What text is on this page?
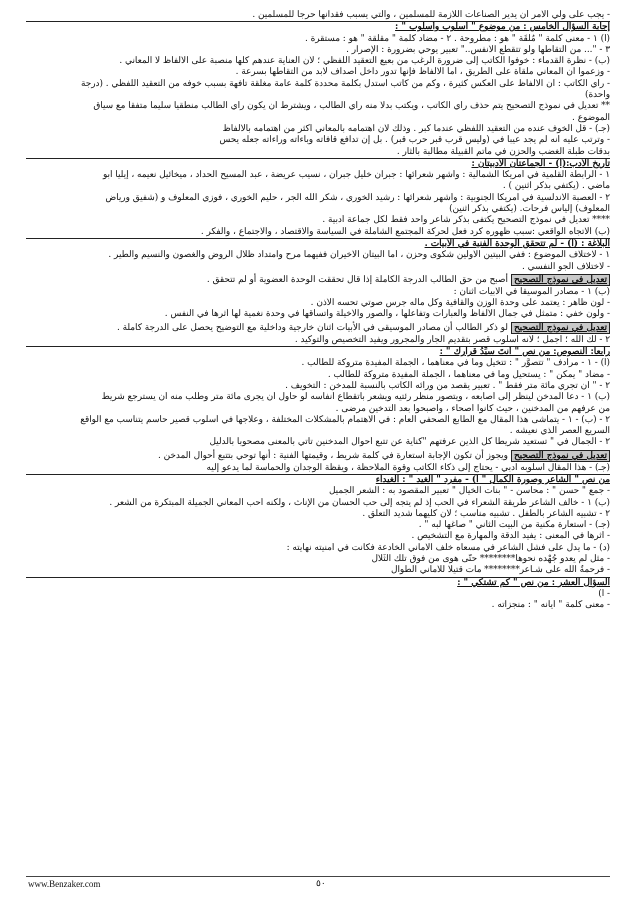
- يجب على ولي الأمر أن يدير الصناعات اللازمة للمسلمين ، والتي يسبب فقدانها حرجاً للمسلمين .
إجابة السؤال الخامس : من موضوع " أسلوب وأسلوب " :
(أ) ١ - معنى كلمة " مُلْقَة " هو : مطروحة . ٢ - مضاد كلمة " مقلقة " هو : مستقرة .
٣ - "... من التقاطها ولو تتقطع الأنفس.." تعبير يوحي بضرورة : الإصرار .
(ب) - نظرة القدماء : خوفوا الكاتب إلى ضرورة الرغب من بعيع التعقيد اللفظي ؛ لأن العناية عندهم كلها منصبة على الألفاظ لا المعاني .
- وزعموا أن المعاني ملقاة على الطريق ، أما الألفاظ فإنها تدور داخل أصداف لابد من التقاطها بسرعة .
- رأي الكاتب : أن الألفاظ على العكس كثيرة ، وكم من كاتب استدل بكلمة محددة كلمة عامة مغلقة تافهة بسبب خوفه من التعقيد اللفظي . (درجة
واحدة)
** تعديل في نموذج التصحيح يتم حذف رأي الكاتب ، ويكتب بدلاً منه رأي الطالب ، ويشترط أن يكون رأي الطالب منطقياً سليماً متفقاً مع سياق
الموضوع .
(جـ) - قل الخوف عنده من التعقيد اللفظي عندما كبر . وذلك لأن اهتمامه بالمعاني أكثر من اهتمامه بالألفاظ
- وترتب عليه أنه لم يجد عيباً في (وليس قرب قبر حرب قبر) . بل إن تدافع قافاته وباءاته وراءاته جعله يحس
بدقات طبلة الغضب والحزن في مأتم القبيلة مطالبة بالثأر .
تاريخ الأدب:(أ) - الجماعتان الأدبيتان :
١ - الرابطة القلمية في أمريكا الشمالية : وأشهر شعرائها : جبران خليل جبران ، نسيب عريضة ، عبد المسيح الحداد ، ميخائيل نعيمه ، إيليا أبو
ماضي . (يكتفي بذكر اثنين ) .
٢ - العصبة الأندلسية في أمريكا الجنوبية : وأشهر شعرائها : رشيد الخوري ، شكر الله الجر ، حليم الخوري ، فوزي المعلوف و (شفيق ورياض
المعلوف) إلياس فرحات. (يكتفي بذكر اثنين)
**** تعديل في نموذج التصحيح يكتفى بذكر شاعر واحد فقط لكل جماعة أدبية .
(ب) الاتجاه الواقعي :سبب ظهوره كرد فعل لحركة المجتمع الشاملة في السياسة والاقتصاد ، والاجتماع ، والفكر .
البلاغة : (أ) - لم تتحقق الوحدة الفنية في الأبيات .
١ - لاختلاف الموضوع : ففي البيتين الأولين شكوى وحزن ، أما البيتان الأخيران ففيهما مرح وامتداد ظلال الروض والغصون والنسيم والطير .
- لاختلاف الجو النفسي .
تعديل في نموذج التصحيحأصبح من حق الطالب الدرجة الكاملة إذا قال تحققت الوحدة العضوية أو لم تتحقق .
(ب) ١ - مصادر الموسيقا في الأبيات اثنان :
- لون ظاهر : يعتمد على وحدة الوزن والقافية وكل ماله جرس صوتي تحسه الأذن .
- ولون خفي : متمثل في جمال الألفاظ والعبارات وتفاعلها ، والصور والأخيلة واتساقها في وحدة نغمية لها أثرها في النفس .
تعديل في نموذج التصحيحلو ذكر الطالب أن مصادر الموسيقى في الأبيات اثنان خارجية وداخلية مع التوضيح يحصل على الدرجة كاملة .
٢ - لك الله ؛ أجمل ؛ لأنه أسلوب قصر بتقديم الجار والمجرور ويفيد التخصيص والتوكيد .
رابعاً: النصوص: من نص " أنتَ سيِّدُ قرارك " :
(أ) - ١ - مرادف " تتصوَّر " : تتخيل وما في معناهما ، الجملة المفيدة متروكة للطالب .
- مضاد " يمكن " : يستحيل وما في معناهما ، الجملة المفيدة متروكة للطالب .
٢ - " أن تجري مائة متر فقط " . تعبير يقصد من ورائه الكاتب بالنسبة للمدخن : التخويف .
(ب) ١ - دعا المدخن لينظر إلى أصابعه ، ويتصور منظر رئتيه ويشعر باتقطاع أنفاسه لو حاول أن يجرى مائة متر وطلب منه أن يسترجع شريط
من عرفهم من المدخنين ، حيث كانوا أصحاء ، وأصبحوا بعد التدخين مرضى .
٢ - (ب) - ١ - يتماشى هذا المقال مع الطابع الصحفي العام : في الاهتمام بالمشكلات المختلفة ، وعلاجها في أسلوب قصير حاسم يتناسب مع الواقع
السريع العصر الذي نعيشه .
٢ - الجمال في " تستعيد شريطاً كل الذين عرفتهم "كناية عن تتبع أحوال المدخنين تأتي بالمعنى مصحوباً بالدليل
تعديل في نموذج التصحيحويجوز أن تكون الإجابة استعارة في كلمة شريط ، وقيمتها الفنية : أنها توحي بتتبع أحوال المدخن .
(جـ) - هذا المقال أسلوبه أدبي - يحتاج إلى ذكاء الكاتب وقوة الملاحظة ، ويقظة الوجدان والحماسة لما يدعو إليه
من نص " الشاعر وصورة الكمال " أ) - مفرد " الغيد " : الغيداء
- جمع " حسن " : محاسن - " بنات الخيال " تعبير المقصود به : الشعر الجميل
(ب) ١ - خالف الشاعر طريقة الشعراء في الحب إذ لم يتجه إلى حب الحسان من الإناث ، ولكنه أحب المعاني الجميلة المبتكرة من الشعر .
٢ - تشبيه الشاعر بالطفل . تشبيه مناسب ؛ لأن كليهما شديد التعلق .
(جـ) - استعارة مكنية من البيت الثاني " صاغها لبه " .
- أثرها في المعنى : يفيد الدقة والمهارة مع التشخيص .
(د) - ما يدل على فشل الشاعر في مسعاه خلف الأماني الخادعة فكانت في أمنيته نهايته :
- مثل لم يعدو جُهْده نحوها******** حتّى هوى من فوق تلك الثِّلال
- فرحمةُ الله على شـاعر******** مات قتيلا للأماني الطوال
السؤال العشر : من نص " كم تشتكي " :
- أ)
- معنى كلمة " أيانه " : منجزاته .
www.Benzaker.com	٥٠
